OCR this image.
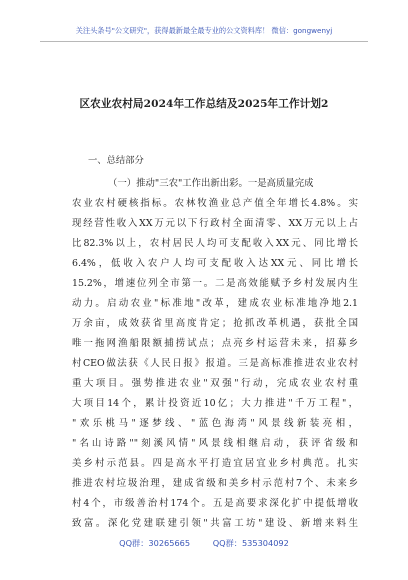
关注头条号"公文研究"，获得最新最全最专业的公文资料库！ 微信：gongwenyj
区农业农村局2024年工作总结及2025年工作计划2
一、总结部分
（一）推动"三农"工作出新出彩。一是高质量完成
农业农村硬核指标。农林牧渔业总产值全年增长4.8%。实
现经营性收入XX万元以下行政村全面清零、XX万元以上占
比82.3%以上，农村居民人均可支配收入XX元、同比增长
6.4%，低收入农户人均可支配收入达XX元、同比增长
15.2%，增速位列全市第一。二是高效能赋予乡村发展内生
动力。启动农业"标准地"改革，建成农业标准地净地2.1
万余亩，成效获省里高度肯定；抢抓改革机遇，获批全国
唯一拖网渔船限额捕捞试点；点亮乡村运营未来，招募乡
村CEO做法获《人民日报》报道。三是高标准推进农业农村
重大项目。强势推进农业"双强"行动，完成农业农村重
大项目14个，累计投资近10亿；大力推进"千万工程"，
"欢乐桃马"逐梦线、"蓝色海湾"风景线新装亮相，
"名山诗路""刻溪风情"风景线相继启动，获评省级和
美乡村示范县。四是高水平打造宜居宜业乡村典范。扎实
推进农村垃圾治理，建成省级和美乡村示范村7个、未来乡
村4个，市级善治村174个。五是高要求深化扩中提低增收
致富。深化党建联建引领"共富工坊"建设、新增来料生
QQ群：30265665	QQ群：535304092
